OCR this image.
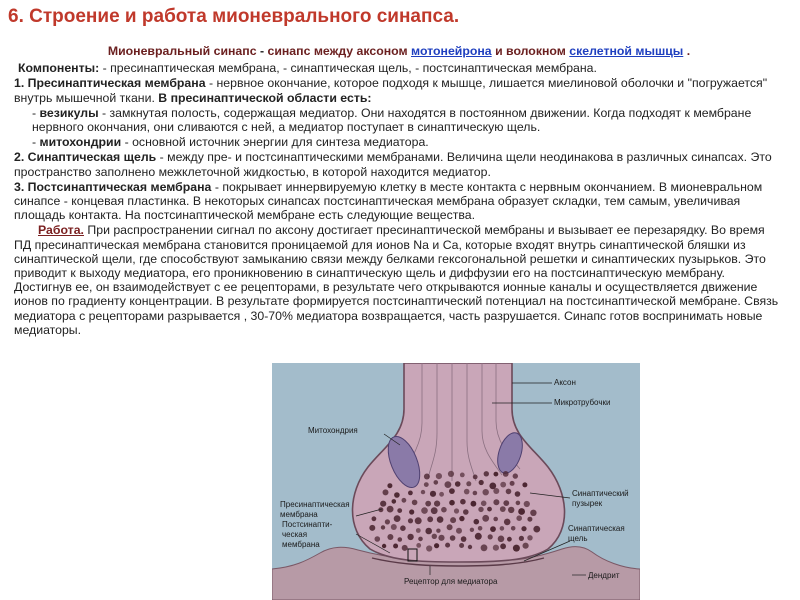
6. Строение и работа мионеврального синапса.

Мионевральный синапс - синапс между аксоном мотонейрона и волокном скелетной мышцы .

Компоненты: - пресинаптическая мембрана, - синаптическая щель, - постсинаптическая мембрана.

1. Пресинаптическая мембрана - нервное окончание, которое подходя к мышце, лишается миелиновой оболочки и "погружается" внутрь мышечной ткани. В пресинаптической области есть:

- везикулы - замкнутая полость, содержащая медиатор. Они находятся в постоянном движении. Когда подходят к мембране нервного окончания, они сливаются с ней, а медиатор поступает в синаптическую щель.

- митохондрии - основной источник энергии для синтеза медиатора.

2. Синаптическая щель - между пре- и постсинаптическими мембранами. Величина щели неодинакова в различных синапсах. Это пространство заполнено межклеточной жидкостью, в которой находится медиатор.

3. Постсинаптическая мембрана - покрывает иннервируемую клетку в месте контакта с нервным окончанием. В мионевральном синапсе - концевая пластинка. В некоторых синапсах постсинаптическая мембрана образует складки, тем самым, увеличивая площадь контакта. На постсинаптической мембране есть следующие вещества.

Работа. При распространении сигнал по аксону достигает пресинаптической мембраны и вызывает ее перезарядку. Во время ПД пресинаптическая мембрана становится проницаемой для ионов Na и Ca, которые входят внутрь синаптической бляшки из синаптической щели, где способствуют замыканию связи между белками гексогональной решетки и синаптических пузырьков. Это приводит к выходу медиатора, его проникновению в синаптическую щель и диффузии его на постсинаптическую мембрану. Достигнув ее, он взаимодействует с ее рецепторами, в результате чего открываются ионные каналы и осуществляется движение ионов по градиенту концентрации. В результате формируется постсинаптический потенциал на постсинаптической мембране. Связь медиатора с рецепторами разрывается , 30-70% медиатора возвращается, часть разрушается. Синапс готов воспринимать новые медиаторы.

Аксон
Микротрубочки
Митохондрия
Пресинаптическая
мембрана
Синаптический
пузырек
Постсинапти-
ческая
мембрана
Синаптическая
щель
Рецептор для медиатора
Дендрит
